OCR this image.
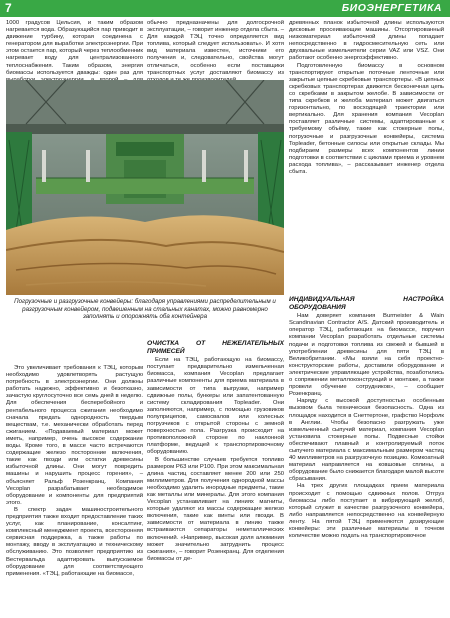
7	БИОЭНЕРГЕТИКА

1000 градусов Цельсия, и таким образом нагревается вода. Образующийся пар приводит в движение турбину, которая соединена с генератором для выработки электроэнергии. При этом остается пар, который через теплообменник нагревает воду для централизованного теплоснабжения. Таким образом, энергия биомассы используется дважды: один раз для

обычно предназначены для долгосрочной эксплуатации, – говорит инженер отдела сбыта. – Для каждой ТЭЦ точно определяется вид топлива, который следует использовать». И хотя вид материала известен, источники его получения и, следовательно, свойства могут отличаться, особенно если поставщики транспортных услуг доставляют биомассу из

древянных планок избыточной длины используются дисковые просеивающие машины. Отсортированный низкоматериал избыточной длины попадает непосредственно в гидросмесительную сеть или двухвальные измельчители серии VAZ или VSZ. Они работают особенно энергоэффективно.

Подготовленную биомассу в основном транспортируют открытые поточные ленточные или закрытые цепные скребковые транспортеры. «В цепных скребковых транспортерах движется бесконечная цепь со скребками в закрытом желобе. В зависимости от типа скребков и желоба материал может двигаться горизонтально, по восходящей траектории или вертикально. Для хранения компания Vecoplan поставляет различные системы, адаптированные к требуемому объёму, такие как стокерные полы, погрузочные и разгрузочные конвейеры, система Topleader, бетонные силосы или открытые склады. Мы подбираем размеры всех компонентов линии подготовки в соответствии с циклами приема и уровнем расхода топлива», – рассказывает инженер отдела сбыта.

Погрузочные и разгрузочные конвейеры: благодаря управлениями распределительным и разгрузочным конвейером, подвешенным на стальных канатах, можно равномерно заполнять и опорожнять оба контейнера

Это увеличивает требования к ТЭЦ, которым необходимо удовлетворять растущую потребность в электроэнергии. Они должны работать надежно, эффективно и безотказно, зачастую круглосуточно все семь дней в неделю. Для обеспечения бесперебойного и рентабельного процесса сжигания необходимо сначала предать однородность твердым веществам, т.е. механически обработать перед сжиганием. «Подаваемый материал может иметь, например, очень высокое содержание воды. Кроме того, в массе часто встречаются содержащие железо посторонние включения, такие как гвозди или остатки древесины избыточной длины. Они могут повредить машины и нарушить процесс горения», – объясняет Ральф Розенкранц. Компания Vecoplan разрабатывает необходимое оборудование и компоненты для предприятий этого.

В спектр задач машиностроительного предприятия также входит предоставление таких услуг, как планирование, консалтинг, комплексный менеджмент проекта, всесторонняя сервисная поддержка, а также работы по монтажу, вводу в эксплуатацию и техническому обслуживанию. Это позволяет предприятию из Вестервальда адаптировать выпускаемое оборудование для соответствующего применения. «ТЭЦ, работающие на биомассе,

ОЧИСТКА ОТ НЕЖЕЛАТЕЛЬНЫХ ПРИМЕСЕЙ

Если на ТЭЦ, работающую на биомассу, поступает предварительно измельченная биомасса, компания Vecoplan предлагает различные компоненты для приема материала в зависимости от типа выгрузки, например сдвижные полы, бункеры или запатентованную систему складирования Topleader. Они заполняются, например, с помощью грузовиков полуприцепов, самосвалов или колесных погрузчиков с открытой стороны с земной поверхностью пола. Разгрузка происходит на противоположной стороне по наклонной платформе, ведущей к транспортировочному оборудованию.

В большинстве случаев требуется топливо размером P63 или P100. При этом максимальная длина частиц составляет менее 200 или 250 миллиметров. Для получения однородной массы необходимо удалить инородные предметы, такие как металлы или минералы. Для этого компания Vecoplan устанавливает на линиях магниты, которые удаляют из массы содержащие железо включения, такие как винты или гвозди. В зависимости от материала в линию также встраиваются сепараторы неметаллических включений. «Например, высокая доля алюминия может значительно затруднить процесс сжигания», – говорит Розенкранц. Для отделения биомассы от де-

ИНДИВИДУАЛЬНАЯ НАСТРОЙКА ОБОРУДОВАНИЯ

Нам доверяет компания Burmeister & Wain Scandinavian Contractor A/S. Датский производитель и оператор ТЭЦ, работающих на биомассе, поручил компании Vecoplan разработать отдельные системы подачи и подготовки топлива из свежей и бывшей в употреблении древесины для пяти ТЭЦ в Великобритании. «Мы взяли на себя проектно-конструкторские работы, доставили оборудование и электрические управляющие устройства, позаботились о сопряжении металлоконструкций и монтаже, а также провели обучение сотрудников», – сообщает Розенкранц.

Наряду с высокой доступностью особенным вызовом была техническая безопасность. Одна из площадок находится в Снеттертоне, графство Норфолк в Англии. Чтобы безопасно разгружать уже измельченный сыпучий материал, компания Vecoplan установила стокерные полы. Подвесные стойки обеспечивают плавный и контролируемый поток сыпучего материала с максимальным размером частиц 40 миллиметров на разгрузочную позицию. Комкоатный материал направляется на ковшовые сплины, а оборудование было снижается благодаря малой высоте сбрасывания.

На трех других площадках прием материала происходит с помощью сдвижных полов. Отгруз биомассы либо поступает в вибрирующий желоб, который служит в качестве разгрузочного конвейера, либо направляется непосредственно на конвейерную ленту. На пятой ТЭЦ применяются дозирующие конвейеры: эти различные материалы в точном количестве можно подать на транспортировочное
